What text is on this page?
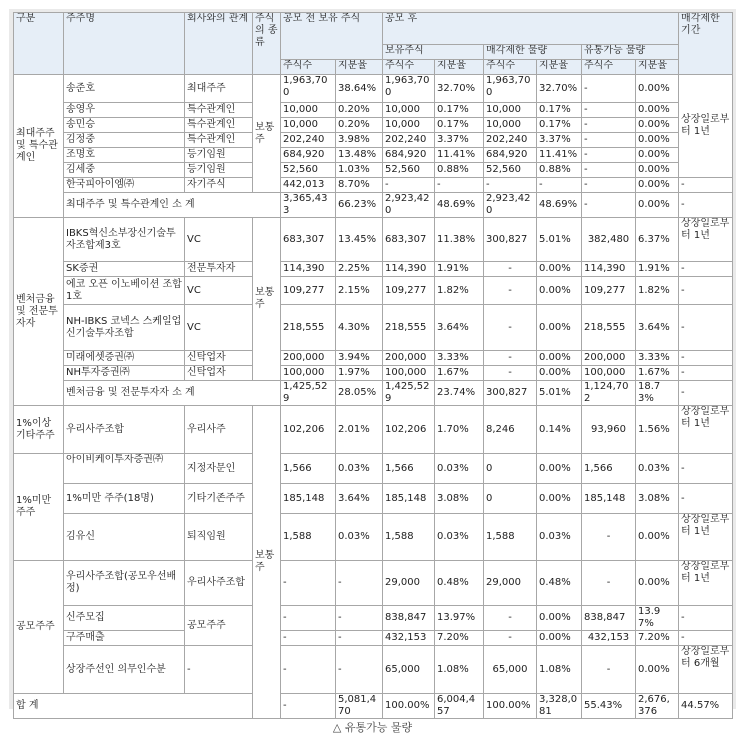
구분	주주명	회사와의 관계	주식의 종류	공모 전 보유 주식		공모 후						매각제한 기간	
						보유주식		매각제한 물량		유통가능 물량			
				주식수	지분율	주식수	지분율	주식수	지분율	주식수	지분율		
최대주주 및 특수관계인	송준호	최대주주	보통주	1,963,700	38.64%	1,963,700	32.70%	1,963,700	32.70%	-	0.00%	상장일로부터 1년	
	송영우	특수관계인		10,000	0.20%	10,000	0.17%	10,000	0.17%	-	0.00%		
	송민승	특수관계인		10,000	0.20%	10,000	0.17%	10,000	0.17%	-	0.00%		
	김정중	특수관계인		202,240	3.98%	202,240	3.37%	202,240	3.37%	-	0.00%		
	조명호	등기임원		684,920	13.48%	684,920	11.41%	684,920	11.41%	-	0.00%		
	김세중	등기임원		52,560	1.03%	52,560	0.88%	52,560	0.88%	-	0.00%		
	한국피아이엠㈜	자기주식		442,013	8.70%	-	-	-	-	-	0.00%	-	
	최대주주 및 특수관계인 소 계			3,365,433	66.23%	2,923,420	48.69%	2,923,420	48.69%	-	0.00%	-	
벤처금융 및 전문투자자	IBKS혁신소부장신기술투자조합제3호	VC	보통주	683,307	13.45%	683,307	11.38%	300,827	5.01%	382,480	6.37%	상장일로부터 1년	
	SK증권	전문투자자		114,390	2.25%	114,390	1.91%	-	0.00%	114,390	1.91%	-	
	에코 오픈 이노베이션 조합 1호	VC		109,277	2.15%	109,277	1.82%	-	0.00%	109,277	1.82%	-	
	NH-IBKS 코넥스 스케일업 신기술투자조합	VC		218,555	4.30%	218,555	3.64%	-	0.00%	218,555	3.64%	-	
	미래에셋증권㈜	신탁업자		200,000	3.94%	200,000	3.33%	-	0.00%	200,000	3.33%	-	
	NH투자증권㈜	신탁업자		100,000	1.97%	100,000	1.67%	-	0.00%	100,000	1.67%	-	
	벤처금융 및 전문투자자 소 계			1,425,529	28.05%	1,425,529	23.74%	300,827	5.01%	1,124,702	18.73%	-	
1%이상 기타주주	우리사주조합	우리사주	보통주	102,206	2.01%	102,206	1.70%	8,246	0.14%	93,960	1.56%	상장일로부터 1년	
1%미만 주주	아이비케이투자증권㈜	지정자문인		1,566	0.03%	1,566	0.03%	0	0.00%	1,566	0.03%	-	
	1%미만 주주(18명)	기타기존주주		185,148	3.64%	185,148	3.08%	0	0.00%	185,148	3.08%	-	
	김유신	퇴직임원		1,588	0.03%	1,588	0.03%	1,588	0.03%	-	0.00%	상장일로부터 1년	
공모주주	우리사주조합(공모우선배정)	우리사주조합		-	-	29,000	0.48%	29,000	0.48%	-	0.00%	상장일로부터 1년	
	신주모집	공모주주		-	-	838,847	13.97%	-	0.00%	838,847	13.97%	-	
	구주매출			-	-	432,153	7.20%	-	0.00%	432,153	7.20%	-	
	상장주선인 의무인수분	-		-	-	65,000	1.08%	65,000	1.08%	-	0.00%	상장일로부터 6개월	
합 계				-	5,081,470	100.00%	6,004,457	100.00%	3,328,081	55.43%	2,676,376	44.57%	
△ 유통가능 물량
